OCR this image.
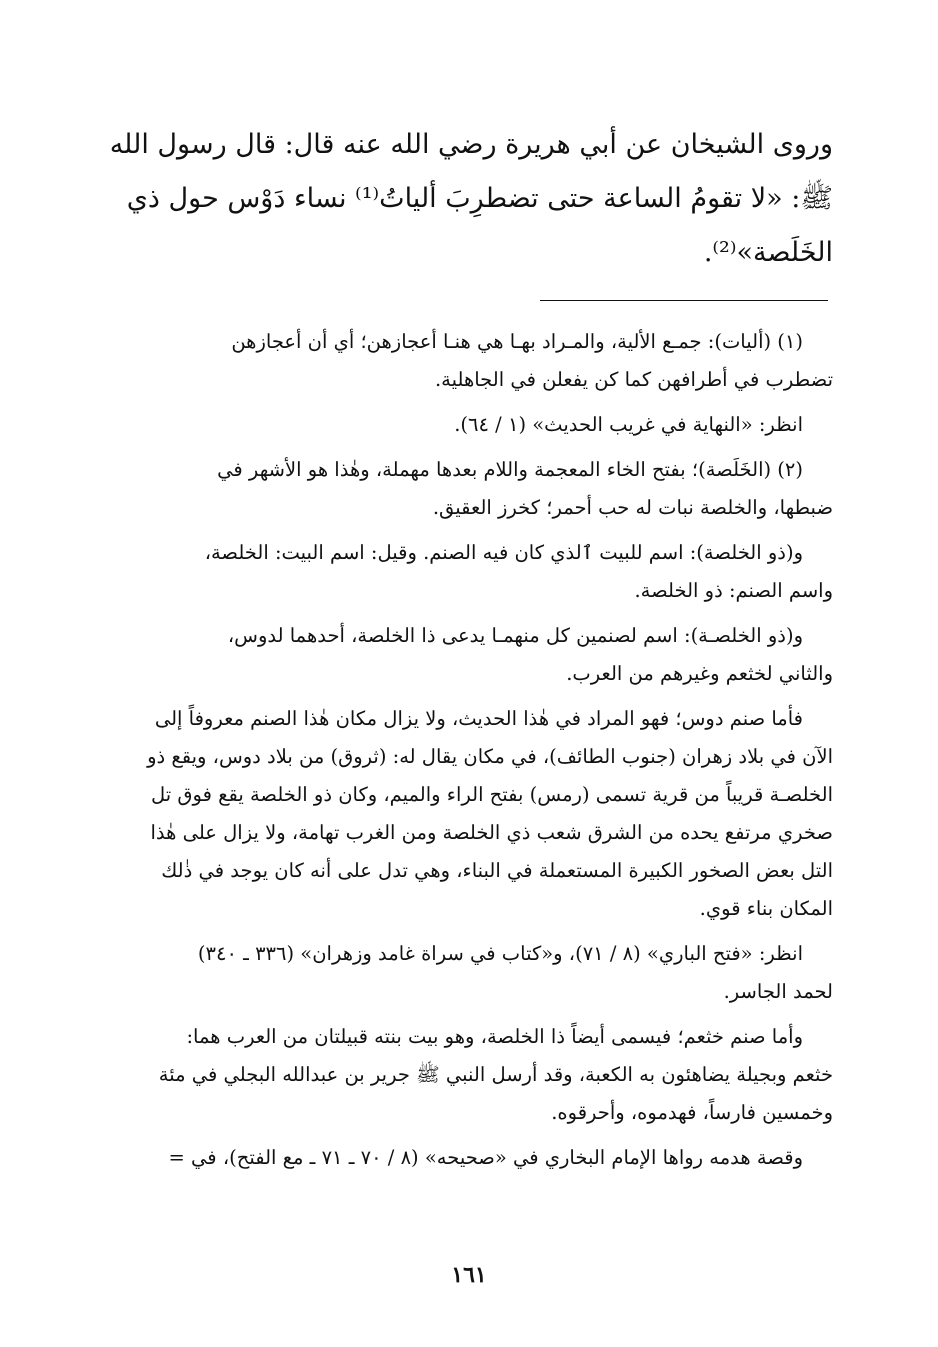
وروى الشيخان عن أبي هريرة رضي الله عنه قال: قال رسول الله
ﷺ: «لا تقومُ الساعة حتى تضطرِبَ ألياتُ⁽¹⁾ نساء دَوْس حول ذي
الخَلَصة»⁽²⁾.
(١) (أليات): جمـع الألية، والمـراد بهـا هي هنـا أعجازهن؛ أي أن أعجازهن
تضطرب في أطرافهن كما كن يفعلن في الجاهلية.
انظر: «النهاية في غريب الحديث» (١ / ٦٤).
(٢) (الخَلَصة)؛ بفتح الخاء المعجمة واللام بعدها مهملة، وهٰذا هو الأشهر في
ضبطها، والخلصة نبات له حب أحمر؛ كخرز العقيق.
و(ذو الخلصة): اسم للبيت ٱلذي كان فيه الصنم. وقيل: اسم البيت: الخلصة،
واسم الصنم: ذو الخلصة.
و(ذو الخلصـة): اسم لصنمين كل منهمـا يدعى ذا الخلصة، أحدهما لدوس،
والثاني لخثعم وغيرهم من العرب.
فأما صنم دوس؛ فهو المراد في هٰذا الحديث، ولا يزال مكان هٰذا الصنم معروفاً إلى
الآن في بلاد زهران (جنوب الطائف)، في مكان يقال له: (ثروق) من بلاد دوس، ويقع ذو
الخلصـة قريباً من قرية تسمى (رمس) بفتح الراء والميم، وكان ذو الخلصة يقع فوق تل
صخري مرتفع يحده من الشرق شعب ذي الخلصة ومن الغرب تهامة، ولا يزال على هٰذا
التل بعض الصخور الكبيرة المستعملة في البناء، وهي تدل على أنه كان يوجد في ذٰلك
المكان بناء قوي.
انظر: «فتح الباري» (٨ / ٧١)، و«كتاب في سراة غامد وزهران» (٣٣٦ ـ ٣٤٠)
لحمد الجاسر.
وأما صنم خثعم؛ فيسمى أيضاً ذا الخلصة، وهو بيت بنته قبيلتان من العرب هما:
خثعم وبجيلة يضاهئون به الكعبة، وقد أرسل النبي ﷺ جرير بن عبدالله البجلي في مئة
وخمسين فارساً، فهدموه، وأحرقوه.
وقصة هدمه رواها الإمام البخاري في «صحيحه» (٨ / ٧٠ ـ ٧١ ـ مع الفتح)، في =
١٦١
